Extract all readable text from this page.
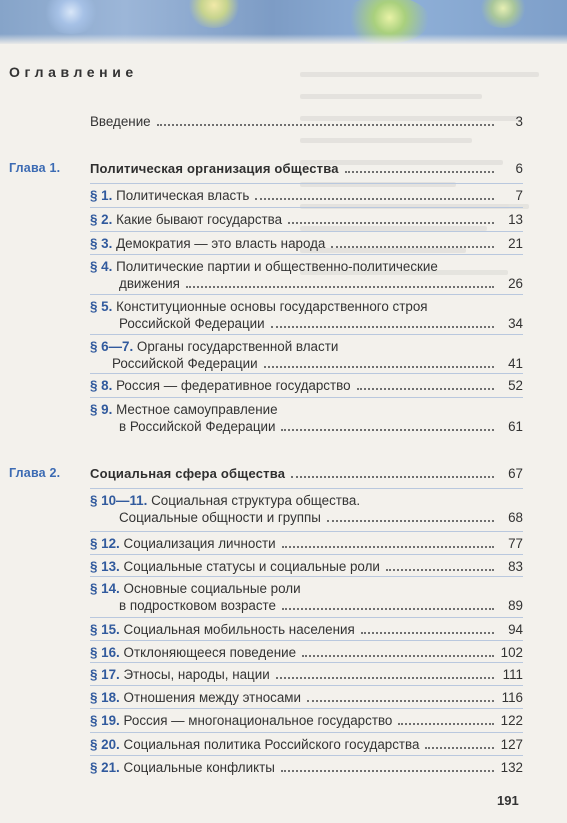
Оглавление
Введение	3
Глава 1. Политическая организация общества	6
§ 1. Политическая власть	7
§ 2. Какие бывают государства	13
§ 3. Демократия — это власть народа	21
§ 4. Политические партии и общественно-политические
движения	26
§ 5. Конституционные основы государственного строя
Российской Федерации	34
§ 6—7. Органы государственной власти
Российской Федерации	41
§ 8. Россия — федеративное государство	52
§ 9. Местное самоуправление
в Российской Федерации	61
Глава 2. Социальная сфера общества	67
§ 10—11. Социальная структура общества.
Социальные общности и группы	68
§ 12. Социализация личности	77
§ 13. Социальные статусы и социальные роли	83
§ 14. Основные социальные роли
в подростковом возрасте	89
§ 15. Социальная мобильность населения	94
§ 16. Отклоняющееся поведение	102
§ 17. Этносы, народы, нации	111
§ 18. Отношения между этносами	116
§ 19. Россия — многонациональное государство	122
§ 20. Социальная политика Российского государства	127
§ 21. Социальные конфликты	132
191
